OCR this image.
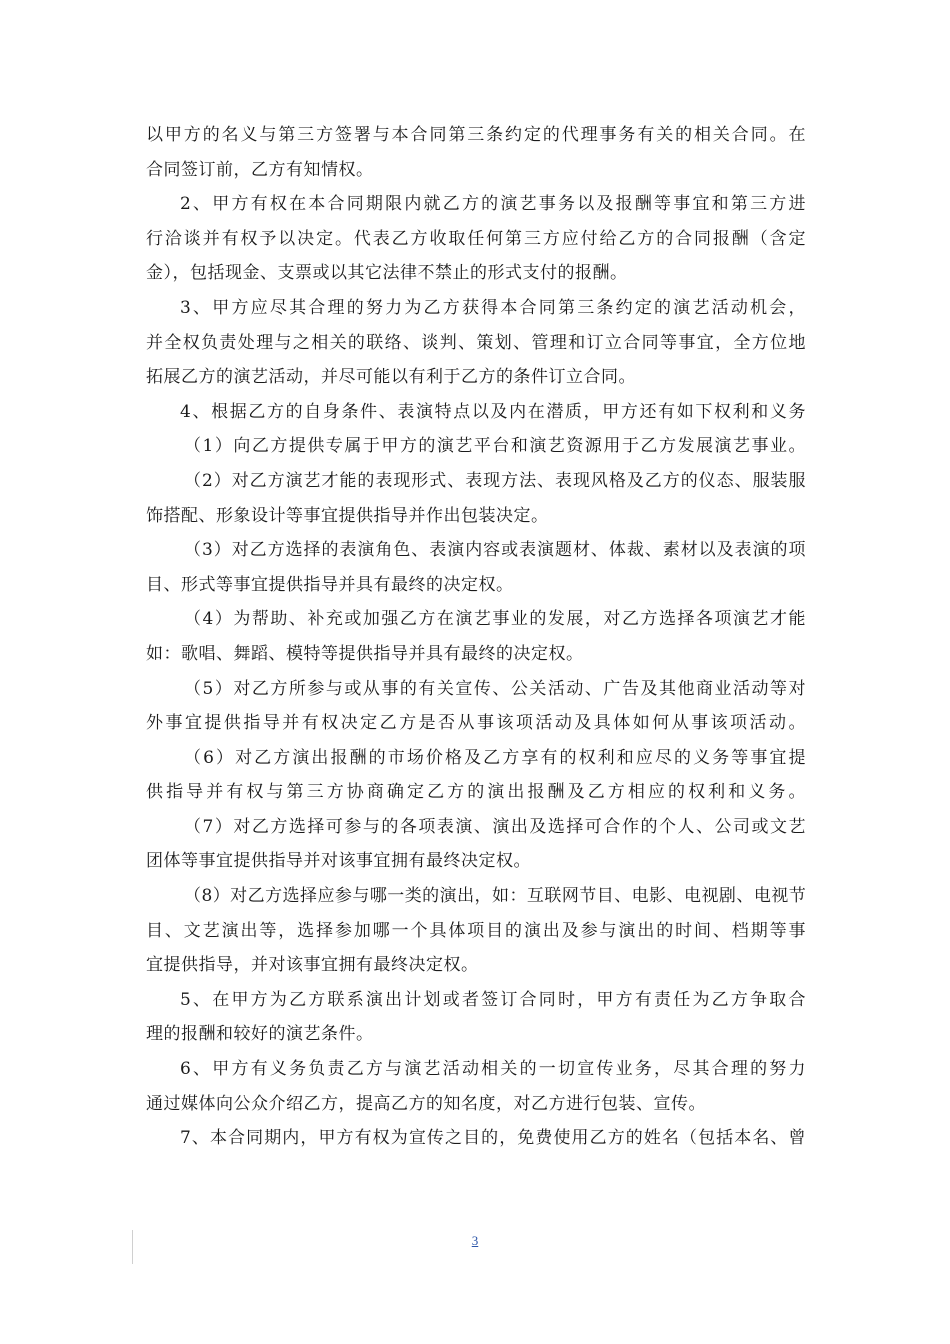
以甲方的名义与第三方签署与本合同第三条约定的代理事务有关的相关合同。在
合同签订前，乙方有知情权。
2、甲方有权在本合同期限内就乙方的演艺事务以及报酬等事宜和第三方进
行洽谈并有权予以决定。代表乙方收取任何第三方应付给乙方的合同报酬（含定
金），包括现金、支票或以其它法律不禁止的形式支付的报酬。
3、甲方应尽其合理的努力为乙方获得本合同第三条约定的演艺活动机会，
并全权负责处理与之相关的联络、谈判、策划、管理和订立合同等事宜，全方位地
拓展乙方的演艺活动，并尽可能以有利于乙方的条件订立合同。
4、根据乙方的自身条件、表演特点以及内在潜质，甲方还有如下权利和义务
（1）向乙方提供专属于甲方的演艺平台和演艺资源用于乙方发展演艺事业。
（2）对乙方演艺才能的表现形式、表现方法、表现风格及乙方的仪态、服装服
饰搭配、形象设计等事宜提供指导并作出包装决定。
（3）对乙方选择的表演角色、表演内容或表演题材、体裁、素材以及表演的项
目、形式等事宜提供指导并具有最终的决定权。
（4）为帮助、补充或加强乙方在演艺事业的发展，对乙方选择各项演艺才能
如：歌唱、舞蹈、模特等提供指导并具有最终的决定权。
（5）对乙方所参与或从事的有关宣传、公关活动、广告及其他商业活动等对
外事宜提供指导并有权决定乙方是否从事该项活动及具体如何从事该项活动。
（6）对乙方演出报酬的市场价格及乙方享有的权利和应尽的义务等事宜提
供指导并有权与第三方协商确定乙方的演出报酬及乙方相应的权利和义务。
（7）对乙方选择可参与的各项表演、演出及选择可合作的个人、公司或文艺
团体等事宜提供指导并对该事宜拥有最终决定权。
（8）对乙方选择应参与哪一类的演出，如：互联网节目、电影、电视剧、电视节
目、文艺演出等，选择参加哪一个具体项目的演出及参与演出的时间、档期等事
宜提供指导，并对该事宜拥有最终决定权。
5、在甲方为乙方联系演出计划或者签订合同时，甲方有责任为乙方争取合
理的报酬和较好的演艺条件。
6、甲方有义务负责乙方与演艺活动相关的一切宣传业务，尽其合理的努力
通过媒体向公众介绍乙方，提高乙方的知名度，对乙方进行包装、宣传。
7、本合同期内，甲方有权为宣传之目的，免费使用乙方的姓名（包括本名、曾
3
